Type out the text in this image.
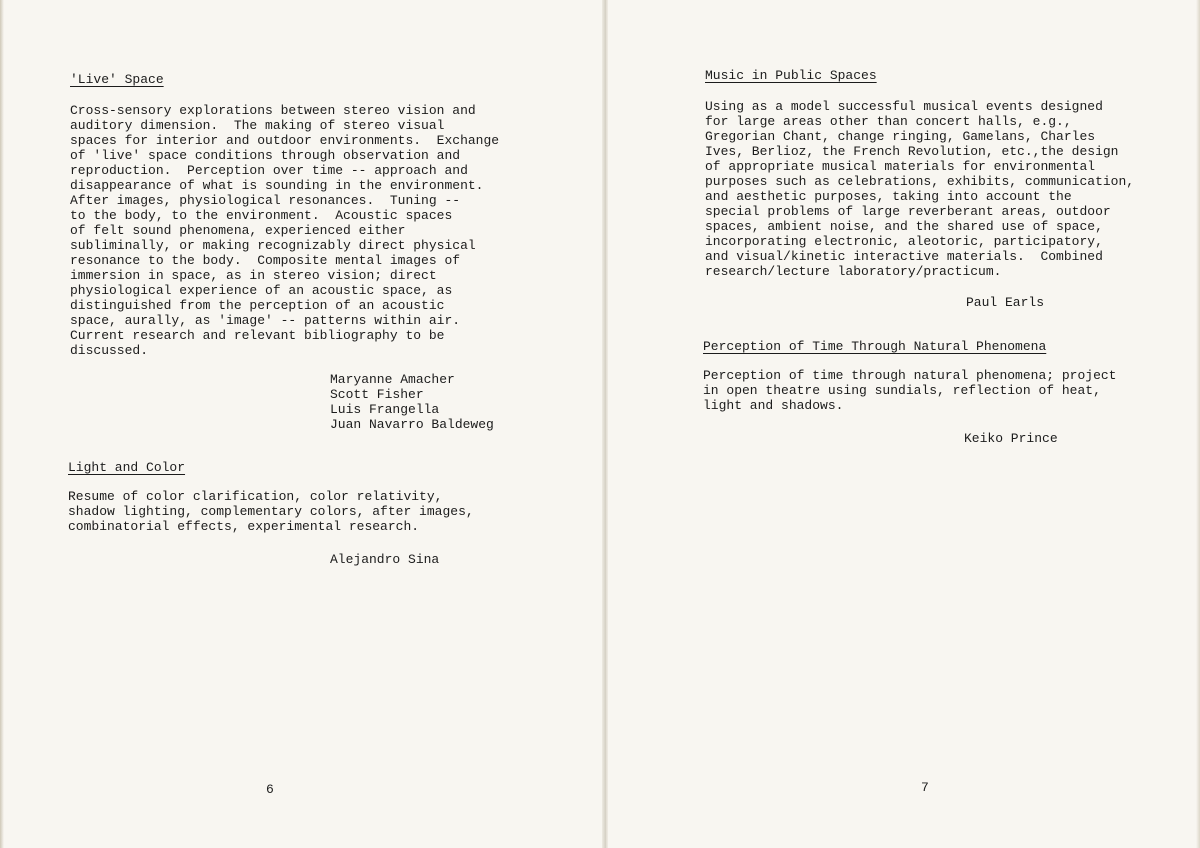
'Live' Space
Cross-sensory explorations between stereo vision and
auditory dimension.  The making of stereo visual
spaces for interior and outdoor environments.  Exchange
of 'live' space conditions through observation and
reproduction.  Perception over time -- approach and
disappearance of what is sounding in the environment.
After images, physiological resonances.  Tuning --
to the body, to the environment.  Acoustic spaces
of felt sound phenomena, experienced either
subliminally, or making recognizably direct physical
resonance to the body.  Composite mental images of
immersion in space, as in stereo vision; direct
physiological experience of an acoustic space, as
distinguished from the perception of an acoustic
space, aurally, as 'image' -- patterns within air.
Current research and relevant bibliography to be
discussed.
Maryanne Amacher
Scott Fisher
Luis Frangella
Juan Navarro Baldeweg
Light and Color
Resume of color clarification, color relativity,
shadow lighting, complementary colors, after images,
combinatorial effects, experimental research.
Alejandro Sina

6

Music in Public Spaces
Using as a model successful musical events designed
for large areas other than concert halls, e.g.,
Gregorian Chant, change ringing, Gamelans, Charles
Ives, Berlioz, the French Revolution, etc.,the design
of appropriate musical materials for environmental
purposes such as celebrations, exhibits, communication,
and aesthetic purposes, taking into account the
special problems of large reverberant areas, outdoor
spaces, ambient noise, and the shared use of space,
incorporating electronic, aleotoric, participatory,
and visual/kinetic interactive materials.  Combined
research/lecture laboratory/practicum.
Paul Earls
Perception of Time Through Natural Phenomena
Perception of time through natural phenomena; project
in open theatre using sundials, reflection of heat,
light and shadows.
Keiko Prince

7
